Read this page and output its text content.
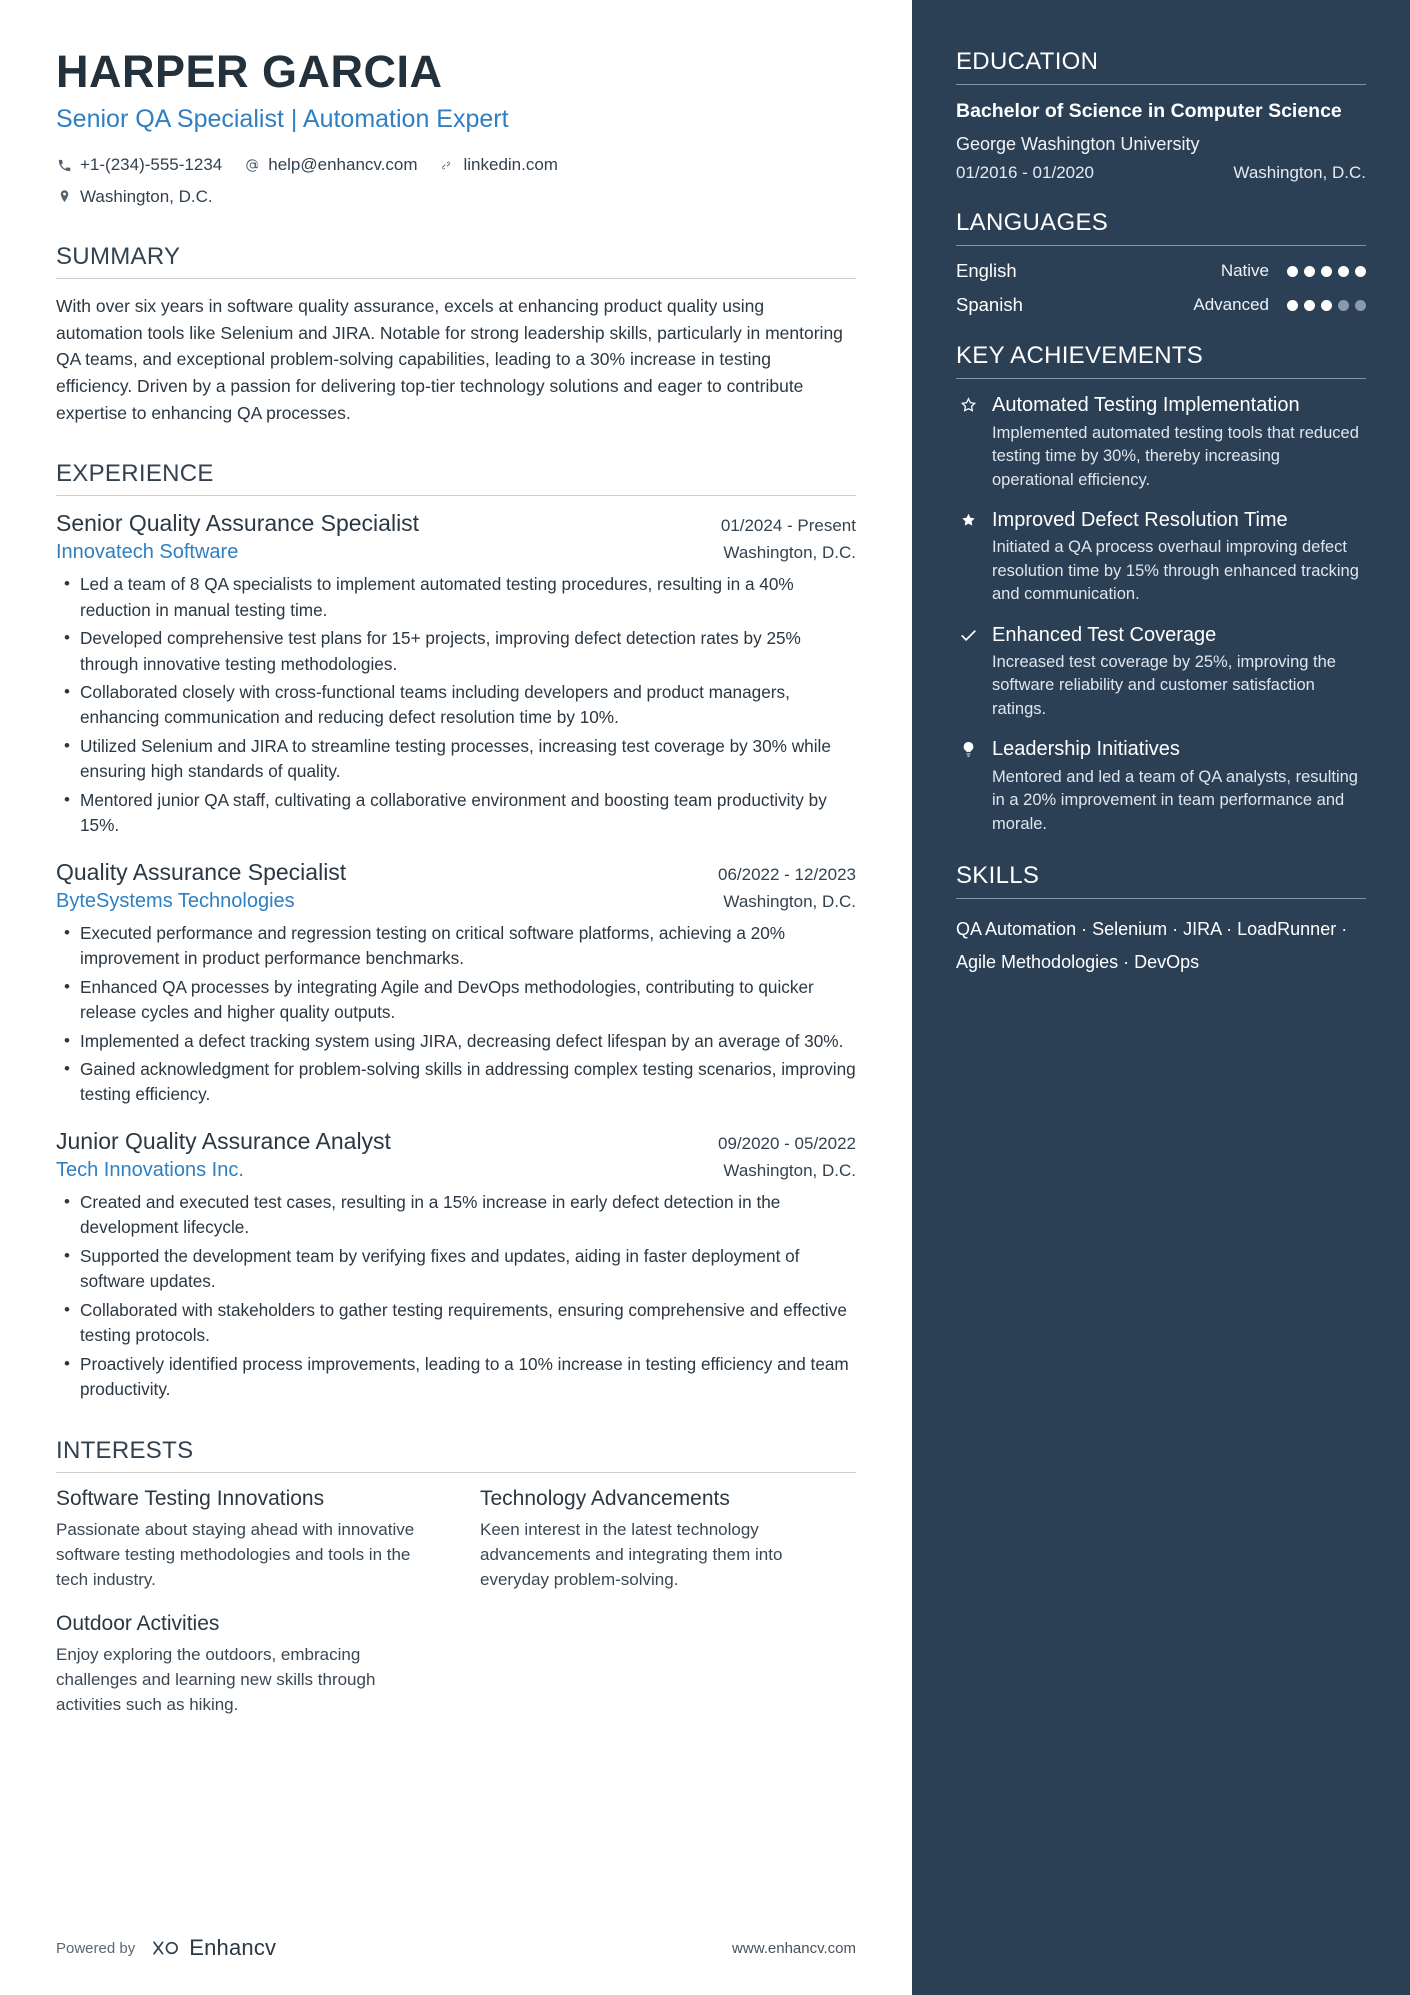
HARPER GARCIA
Senior QA Specialist | Automation Expert
+1-(234)-555-1234	help@enhancv.com	linkedin.com
Washington, D.C.
SUMMARY
With over six years in software quality assurance, excels at enhancing product quality using automation tools like Selenium and JIRA. Notable for strong leadership skills, particularly in mentoring QA teams, and exceptional problem-solving capabilities, leading to a 30% increase in testing efficiency. Driven by a passion for delivering top-tier technology solutions and eager to contribute expertise to enhancing QA processes.
EXPERIENCE
Senior Quality Assurance Specialist	01/2024 - Present
Innovatech Software	Washington, D.C.
• Led a team of 8 QA specialists to implement automated testing procedures, resulting in a 40% reduction in manual testing time.
• Developed comprehensive test plans for 15+ projects, improving defect detection rates by 25% through innovative testing methodologies.
• Collaborated closely with cross-functional teams including developers and product managers, enhancing communication and reducing defect resolution time by 10%.
• Utilized Selenium and JIRA to streamline testing processes, increasing test coverage by 30% while ensuring high standards of quality.
• Mentored junior QA staff, cultivating a collaborative environment and boosting team productivity by 15%.
Quality Assurance Specialist	06/2022 - 12/2023
ByteSystems Technologies	Washington, D.C.
• Executed performance and regression testing on critical software platforms, achieving a 20% improvement in product performance benchmarks.
• Enhanced QA processes by integrating Agile and DevOps methodologies, contributing to quicker release cycles and higher quality outputs.
• Implemented a defect tracking system using JIRA, decreasing defect lifespan by an average of 30%.
• Gained acknowledgment for problem-solving skills in addressing complex testing scenarios, improving testing efficiency.
Junior Quality Assurance Analyst	09/2020 - 05/2022
Tech Innovations Inc.	Washington, D.C.
• Created and executed test cases, resulting in a 15% increase in early defect detection in the development lifecycle.
• Supported the development team by verifying fixes and updates, aiding in faster deployment of software updates.
• Collaborated with stakeholders to gather testing requirements, ensuring comprehensive and effective testing protocols.
• Proactively identified process improvements, leading to a 10% increase in testing efficiency and team productivity.
INTERESTS
Software Testing Innovations
Passionate about staying ahead with innovative software testing methodologies and tools in the tech industry.
Technology Advancements
Keen interest in the latest technology advancements and integrating them into everyday problem-solving.
Outdoor Activities
Enjoy exploring the outdoors, embracing challenges and learning new skills through activities such as hiking.
Powered by Enhancv	www.enhancv.com
EDUCATION
Bachelor of Science in Computer Science
George Washington University
01/2016 - 01/2020	Washington, D.C.
LANGUAGES
English	Native
Spanish	Advanced
KEY ACHIEVEMENTS
Automated Testing Implementation
Implemented automated testing tools that reduced testing time by 30%, thereby increasing operational efficiency.
Improved Defect Resolution Time
Initiated a QA process overhaul improving defect resolution time by 15% through enhanced tracking and communication.
Enhanced Test Coverage
Increased test coverage by 25%, improving the software reliability and customer satisfaction ratings.
Leadership Initiatives
Mentored and led a team of QA analysts, resulting in a 20% improvement in team performance and morale.
SKILLS
QA Automation · Selenium · JIRA · LoadRunner · Agile Methodologies · DevOps
